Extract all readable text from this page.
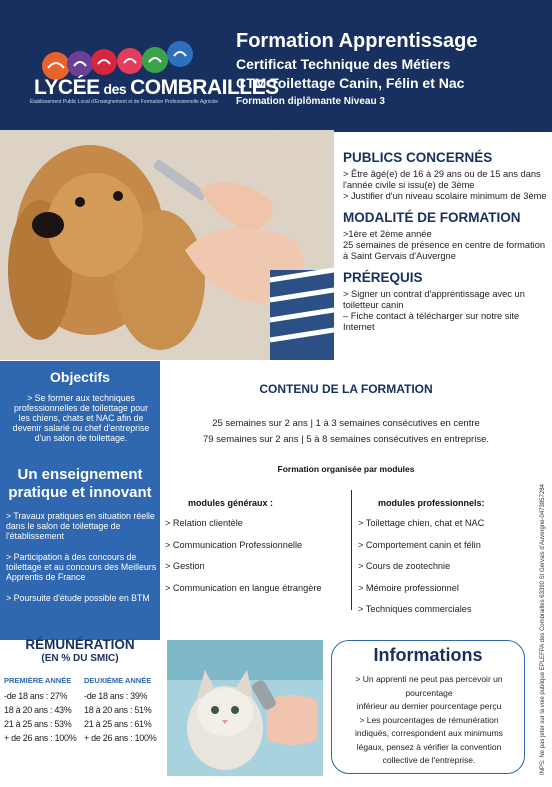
LYCÉE des COMBRAILLES
Établissement Public Local d'Enseignement et de Formation Professionnelle Agricole
Formation Apprentissage
Certificat Technique des Métiers
CTM Toilettage Canin, Félin et Nac
Formation diplômante Niveau 3
PUBLICS CONCERNÉS
> Être âgé(e) de 16 à 29 ans ou de 15 ans dans l'année civile si issu(e) de 3ème
> Justifier d'un niveau scolaire minimum de 3ème
MODALITÉ DE FORMATION
>1ère et 2ème année
25 semaines de présence en centre de formation à Saint Gervais d'Auvergne
PRÉREQUIS
> Signer un contrat d'apprentissage avec un toiletteur canin
– Fiche contact à télécharger sur notre site Internet
Objectifs
> Se former aux techniques professionnelles de toilettage pour les chiens, chats et NAC afin de devenir salarié ou chef d'entreprise d'un salon de toilettage.
Un enseignement pratique et innovant
> Travaux pratiques en situation réelle dans le salon de toilettage de l'établissement
> Participation à des concours de toilettage et au concours des Meilleurs Apprentis de France
> Poursuite d'étude possible en BTM
CONTENU DE LA FORMATION
25 semaines sur 2 ans | 1 à 3 semaines consécutives en centre
79 semaines sur 2 ans | 5 à 8 semaines consécutives en entreprise.
Formation organisée par modules
modules généraux :	modules professionnels:
> Relation clientèle
> Communication Professionnelle
> Gestion
> Communication en langue étrangère
> Toilettage chien, chat et NAC
> Comportement canin et félin
> Cours de zootechnie
> Mémoire professionnel
> Techniques commerciales
RÉMUNÉRATION
(EN % DU SMIC)
PREMIÈRE ANNÉE
-de 18 ans : 27%
18 à 20 ans : 43%
21 à 25 ans : 53%
+ de 26 ans : 100%
DEUXIÈME ANNÉE
-de 18 ans : 39%
18 à 20 ans : 51%
21 à 25 ans : 61%
+ de 26 ans : 100%
Informations
> Un apprenti ne peut pas percevoir un
pourcentage
inférieur au dernier pourcentage perçu
> Les pourcentages de rémunération
indiqués, correspondent aux minimums
légaux, pensez à vérifier la convention
collective de l'entreprise.	INPS: Ne pas jeter sur la voie publique EPLEFPA des Combrailles 63390 St Gervais d'Auvergne-0473857284
